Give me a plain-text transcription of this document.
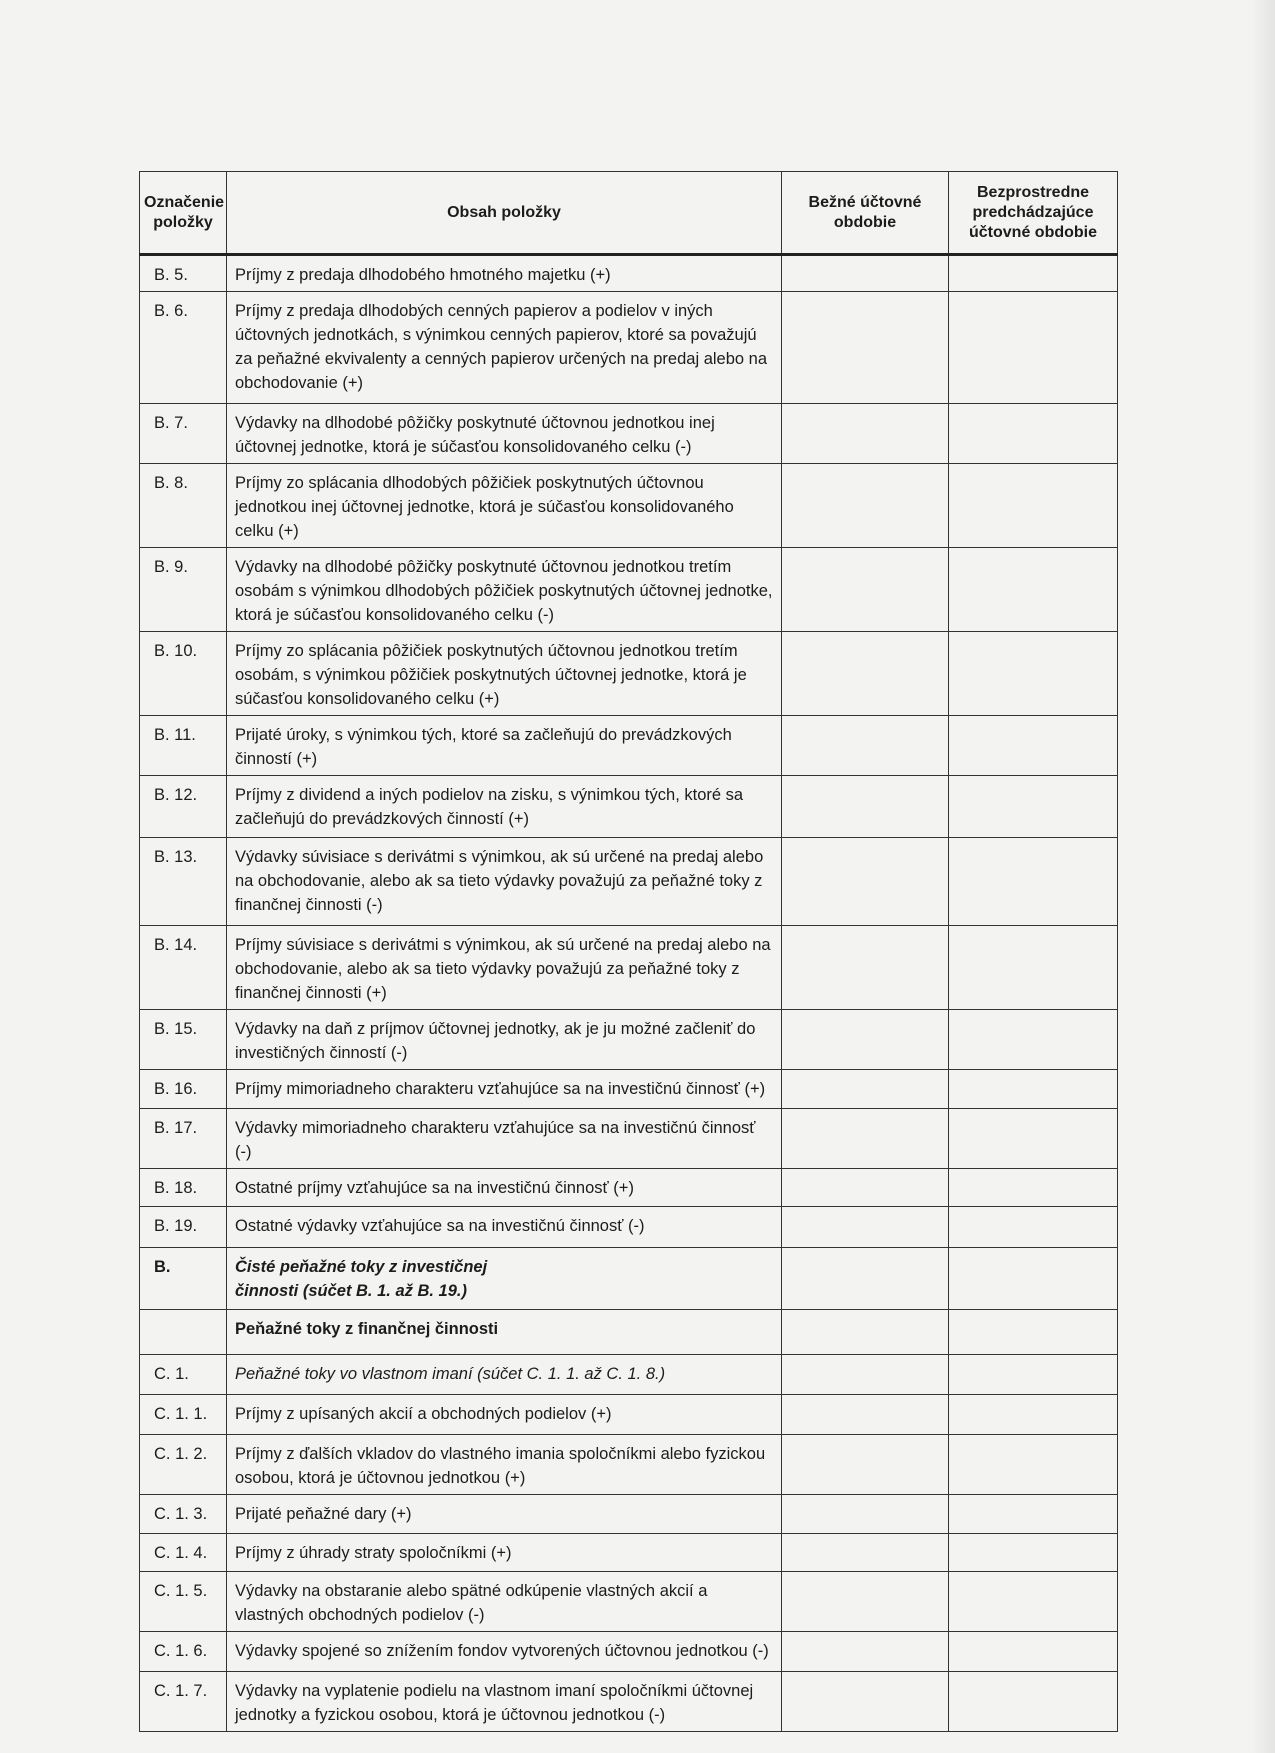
Označenie položky	Obsah položky	Bežné účtovné obdobie	Bezprostredne predchádzajúce účtovné obdobie
B. 5.	Príjmy z predaja dlhodobého hmotného majetku (+)		
B. 6.	Príjmy z predaja dlhodobých cenných papierov a podielov v iných účtovných jednotkách, s výnimkou cenných papierov, ktoré sa považujú za peňažné ekvivalenty a cenných papierov určených na predaj alebo na obchodovanie (+)		
B. 7.	Výdavky na dlhodobé pôžičky poskytnuté účtovnou jednotkou inej účtovnej jednotke, ktorá je súčasťou konsolidovaného celku (-)		
B. 8.	Príjmy zo splácania dlhodobých pôžičiek poskytnutých účtovnou jednotkou inej účtovnej jednotke, ktorá je súčasťou konsolidovaného celku (+)		
B. 9.	Výdavky na dlhodobé pôžičky poskytnuté účtovnou jednotkou tretím osobám s výnimkou dlhodobých pôžičiek poskytnutých účtovnej jednotke, ktorá je súčasťou konsolidovaného celku (-)		
B. 10.	Príjmy zo splácania pôžičiek poskytnutých účtovnou jednotkou tretím osobám, s výnimkou pôžičiek poskytnutých účtovnej jednotke, ktorá je súčasťou konsolidovaného celku (+)		
B. 11.	Prijaté úroky, s výnimkou tých, ktoré sa začleňujú do prevádzkových činností (+)		
B. 12.	Príjmy z dividend a iných podielov na zisku, s výnimkou tých, ktoré sa začleňujú do prevádzkových činností (+)		
B. 13.	Výdavky súvisiace s derivátmi s výnimkou, ak sú určené na predaj alebo na obchodovanie, alebo ak sa tieto výdavky považujú za peňažné toky z finančnej činnosti (-)		
B. 14.	Príjmy súvisiace s derivátmi s výnimkou, ak sú určené na predaj alebo na obchodovanie, alebo ak sa tieto výdavky považujú za peňažné toky z finančnej činnosti (+)		
B. 15.	Výdavky na daň z príjmov účtovnej jednotky, ak je ju možné začleniť do investičných činností (-)		
B. 16.	Príjmy mimoriadneho charakteru vzťahujúce sa na investičnú činnosť (+)		
B. 17.	Výdavky mimoriadneho charakteru vzťahujúce sa na investičnú činnosť (-)		
B. 18.	Ostatné príjmy vzťahujúce sa na investičnú činnosť (+)		
B. 19.	Ostatné výdavky vzťahujúce sa na investičnú činnosť (-)		
B.	Čisté peňažné toky z investičnej činnosti (súčet B. 1. až B. 19.)		
	Peňažné toky z finančnej činnosti		
C. 1.	Peňažné toky vo vlastnom imaní (súčet C. 1. 1. až C. 1. 8.)		
C. 1. 1.	Príjmy z upísaných akcií a obchodných podielov (+)		
C. 1. 2.	Príjmy z ďalších vkladov do vlastného imania spoločníkmi alebo fyzickou osobou, ktorá je účtovnou jednotkou (+)		
C. 1. 3.	Prijaté peňažné dary (+)		
C. 1. 4.	Príjmy z úhrady straty spoločníkmi (+)		
C. 1. 5.	Výdavky na obstaranie alebo spätné odkúpenie vlastných akcií a vlastných obchodných podielov (-)		
C. 1. 6.	Výdavky spojené so znížením fondov vytvorených účtovnou jednotkou (-)		
C. 1. 7.	Výdavky na vyplatenie podielu na vlastnom imaní spoločníkmi účtovnej jednotky a fyzickou osobou, ktorá je účtovnou jednotkou (-)		
